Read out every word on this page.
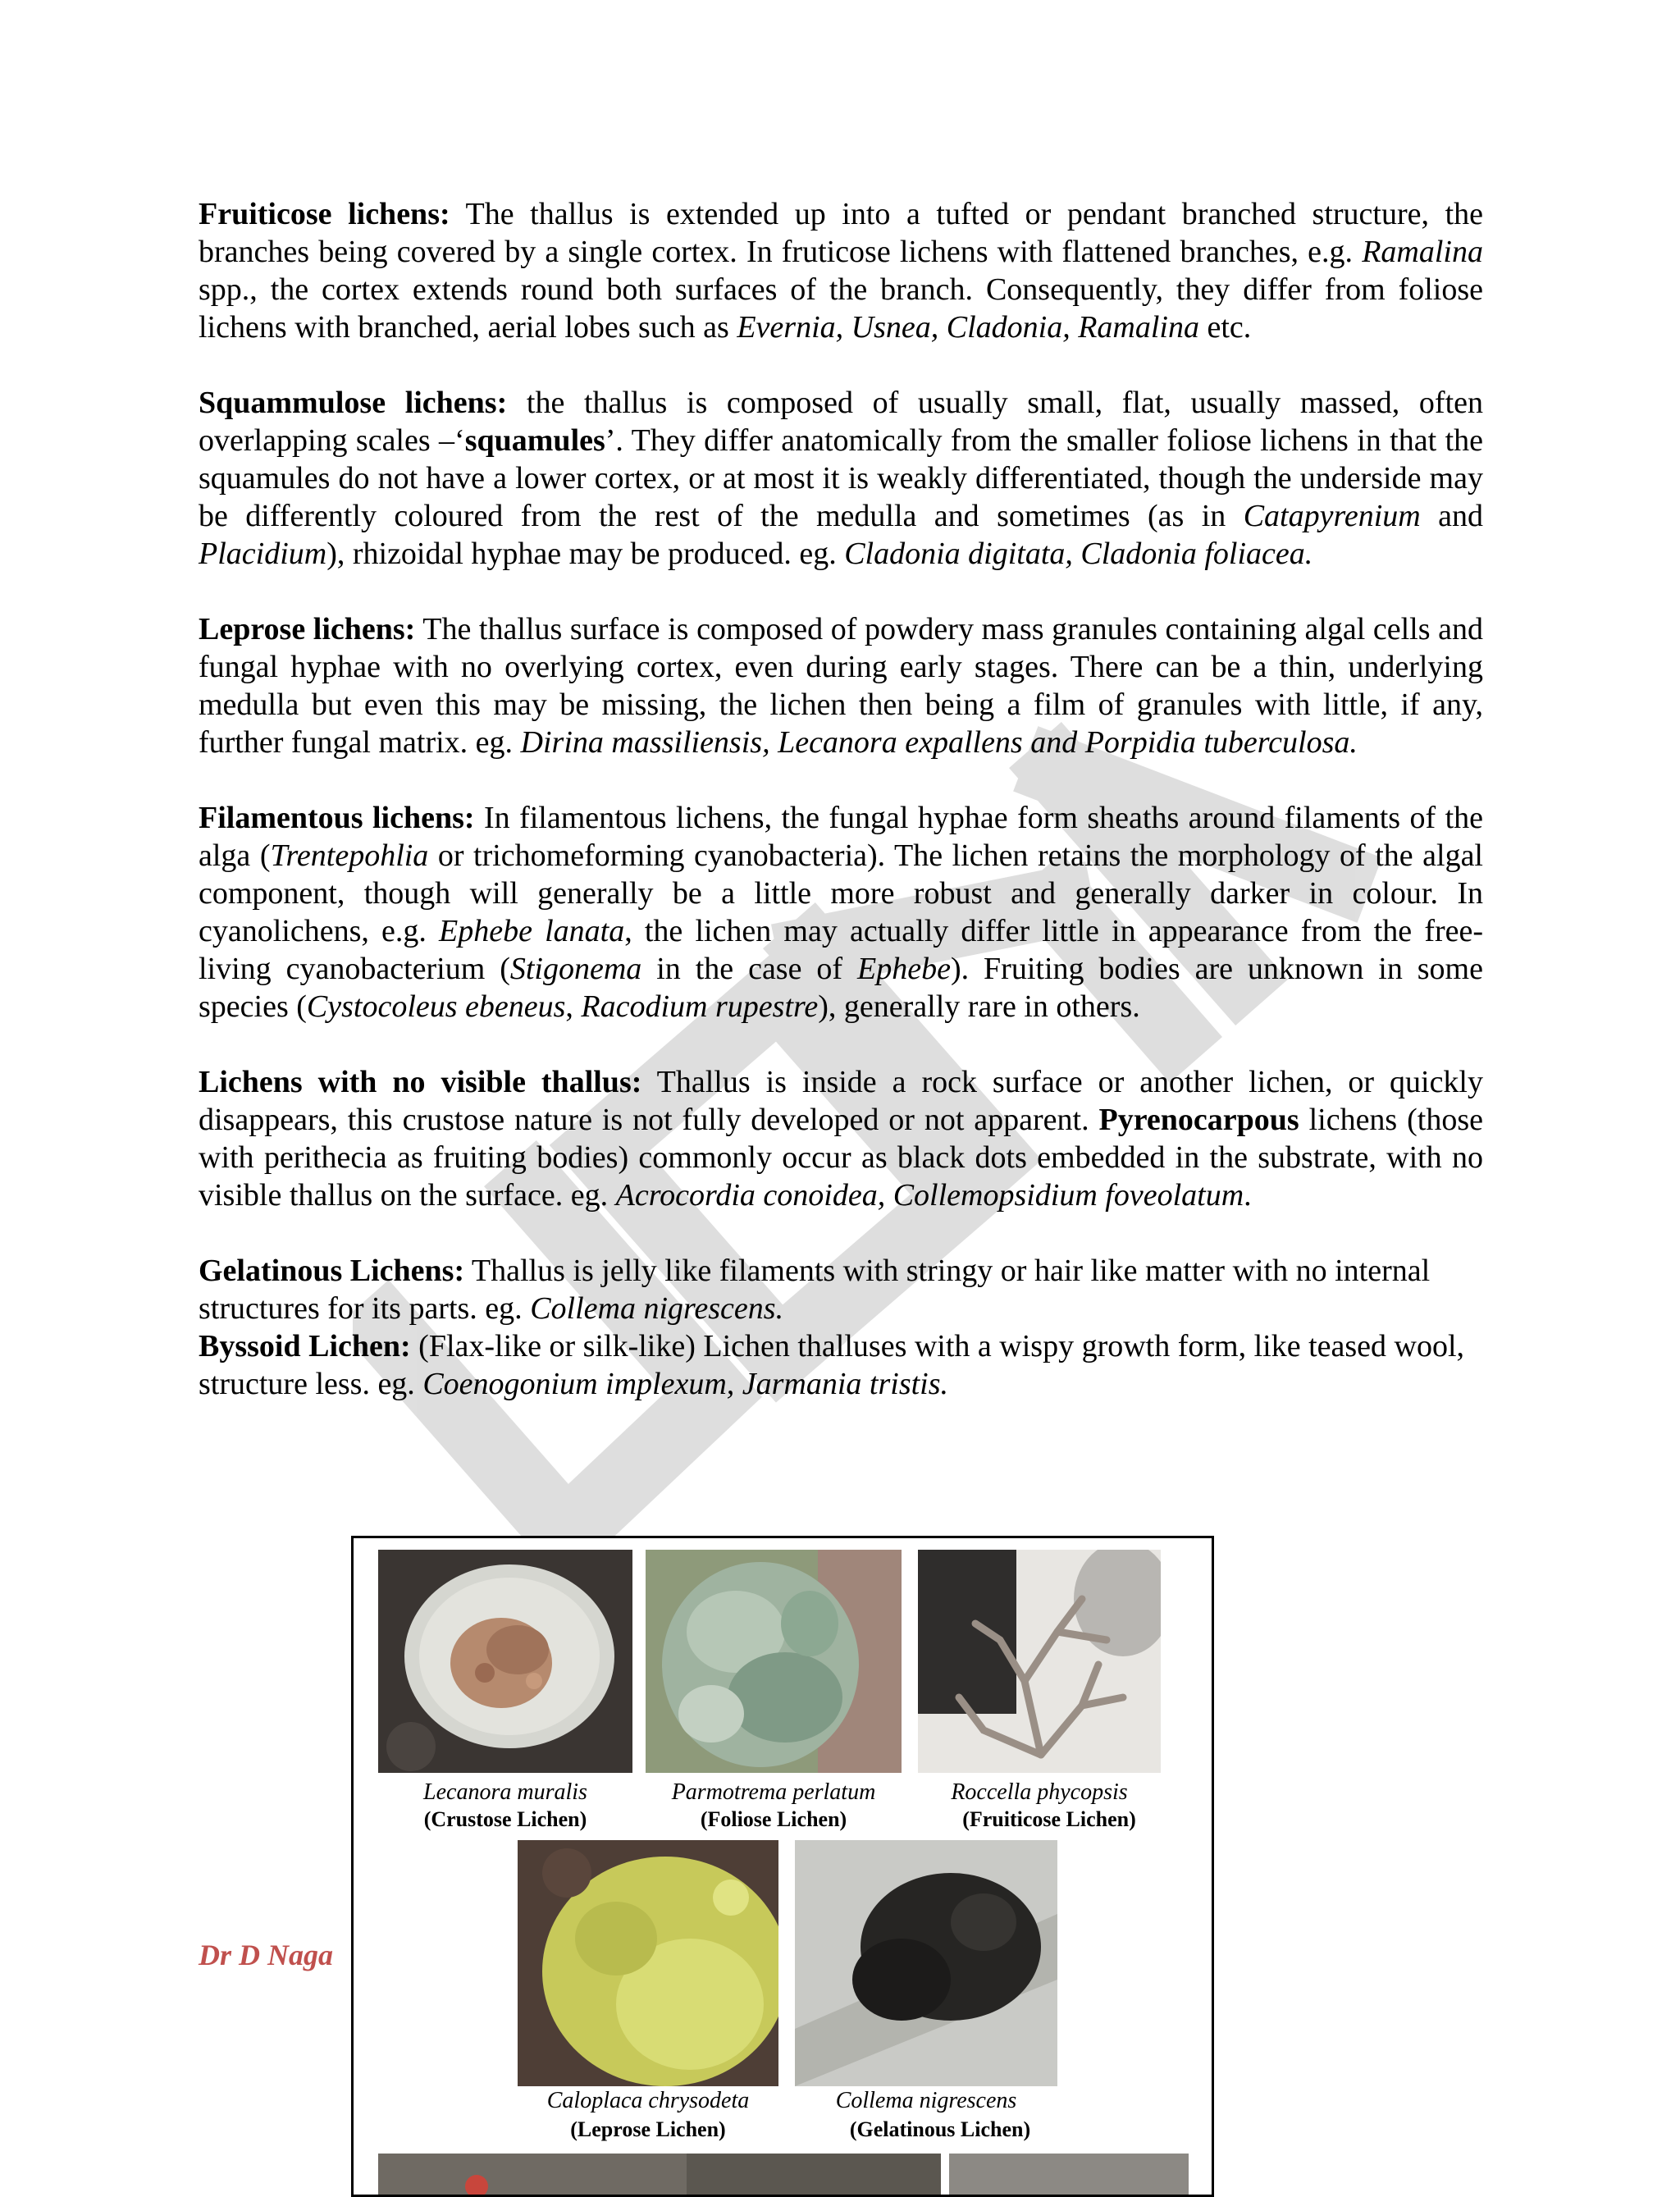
Fruiticose lichens: The thallus is extended up into a tufted or pendant branched structure, the branches being covered by a single cortex. In fruticose lichens with flattened branches, e.g. Ramalina spp., the cortex extends round both surfaces of the branch. Consequently, they differ from foliose lichens with branched, aerial lobes such as Evernia, Usnea, Cladonia, Ramalina etc.

Squammulose lichens: the thallus is composed of usually small, flat, usually massed, often overlapping scales –‘squamules’. They differ anatomically from the smaller foliose lichens in that the squamules do not have a lower cortex, or at most it is weakly differentiated, though the underside may be differently coloured from the rest of the medulla and sometimes (as in Catapyrenium and Placidium), rhizoidal hyphae may be produced. eg. Cladonia digitata, Cladonia foliacea.

Leprose lichens: The thallus surface is composed of powdery mass granules containing algal cells and fungal hyphae with no overlying cortex, even during early stages. There can be a thin, underlying medulla but even this may be missing, the lichen then being a film of granules with little, if any, further fungal matrix. eg. Dirina massiliensis, Lecanora expallens and Porpidia tuberculosa.

Filamentous lichens: In filamentous lichens, the fungal hyphae form sheaths around filaments of the alga (Trentepohlia or trichomeforming cyanobacteria). The lichen retains the morphology of the algal component, though will generally be a little more robust and generally darker in colour. In cyanolichens, e.g. Ephebe lanata, the lichen may actually differ little in appearance from the free-living cyanobacterium (Stigonema in the case of Ephebe). Fruiting bodies are unknown in some species (Cystocoleus ebeneus, Racodium rupestre), generally rare in others.

Lichens with no visible thallus: Thallus is inside a rock surface or another lichen, or quickly disappears, this crustose nature is not fully developed or not apparent. Pyrenocarpous lichens (those with perithecia as fruiting bodies) commonly occur as black dots embedded in the substrate, with no visible thallus on the surface. eg. Acrocordia conoidea, Collemopsidium foveolatum.

Gelatinous Lichens: Thallus is jelly like filaments with stringy or hair like matter with no internal structures for its parts. eg. Collema nigrescens.

Byssoid Lichen: (Flax-like or silk-like) Lichen thalluses with a wispy growth form, like teased wool, structure less. eg. Coenogonium implexum, Jarmania tristis.

Dr D Naga
Lecanora muralis
(Crustose Lichen)
Parmotrema perlatum
(Foliose Lichen)
Roccella phycopsis
(Fruiticose Lichen)
Caloplaca chrysodeta
(Leprose Lichen)
Collema nigrescens
(Gelatinous Lichen)
